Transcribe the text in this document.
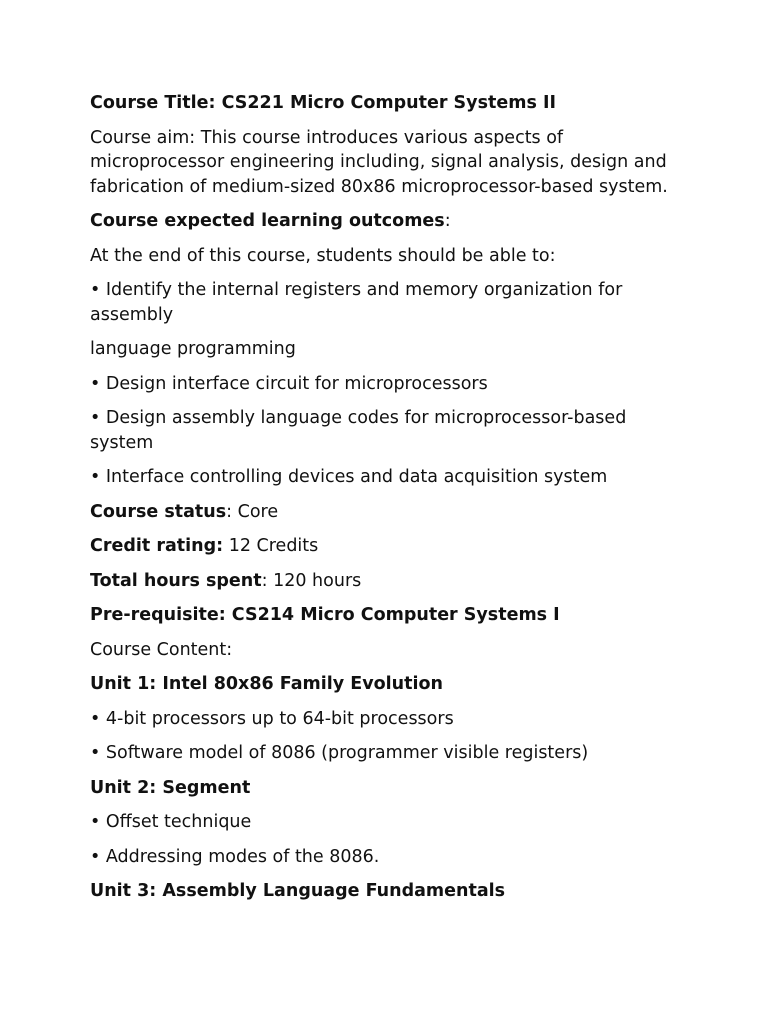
Course Title: CS221 Micro Computer Systems II

Course aim: This course introduces various aspects of microprocessor engineering including, signal analysis, design and fabrication of medium-sized 80x86 microprocessor-based system.

Course expected learning outcomes:

At the end of this course, students should be able to:

• Identify the internal registers and memory organization for assembly

language programming

• Design interface circuit for microprocessors

• Design assembly language codes for microprocessor-based system

• Interface controlling devices and data acquisition system

Course status: Core

Credit rating: 12 Credits

Total hours spent: 120 hours

Pre-requisite: CS214 Micro Computer Systems I

Course Content:

Unit 1: Intel 80x86 Family Evolution

• 4-bit processors up to 64-bit processors

• Software model of 8086 (programmer visible registers)

Unit 2: Segment

• Offset technique

• Addressing modes of the 8086.

Unit 3: Assembly Language Fundamentals
